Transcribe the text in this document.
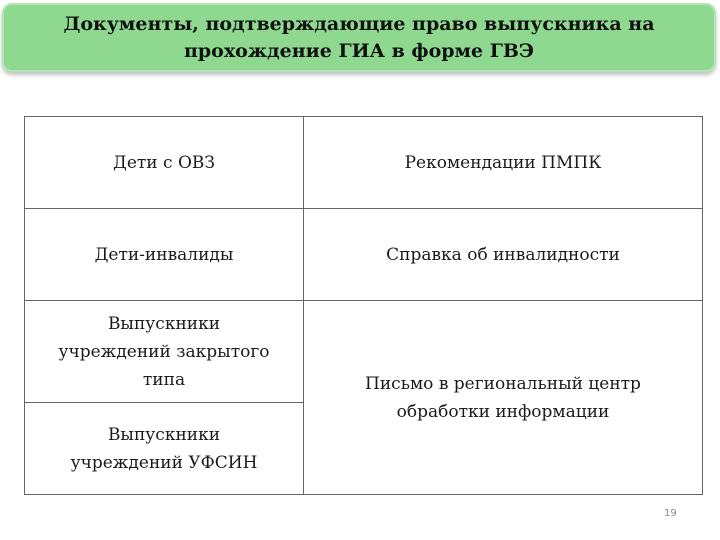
Документы, подтверждающие право выпускника на
прохождение ГИА в форме ГВЭ
Дети с ОВЗ	Рекомендации ПМПК
Дети-инвалиды	Справка об инвалидности
Выпускники
учреждений закрытого
типа	Письмо в региональный центр
обработки информации
Выпускники
учреждений УФСИН	
19
